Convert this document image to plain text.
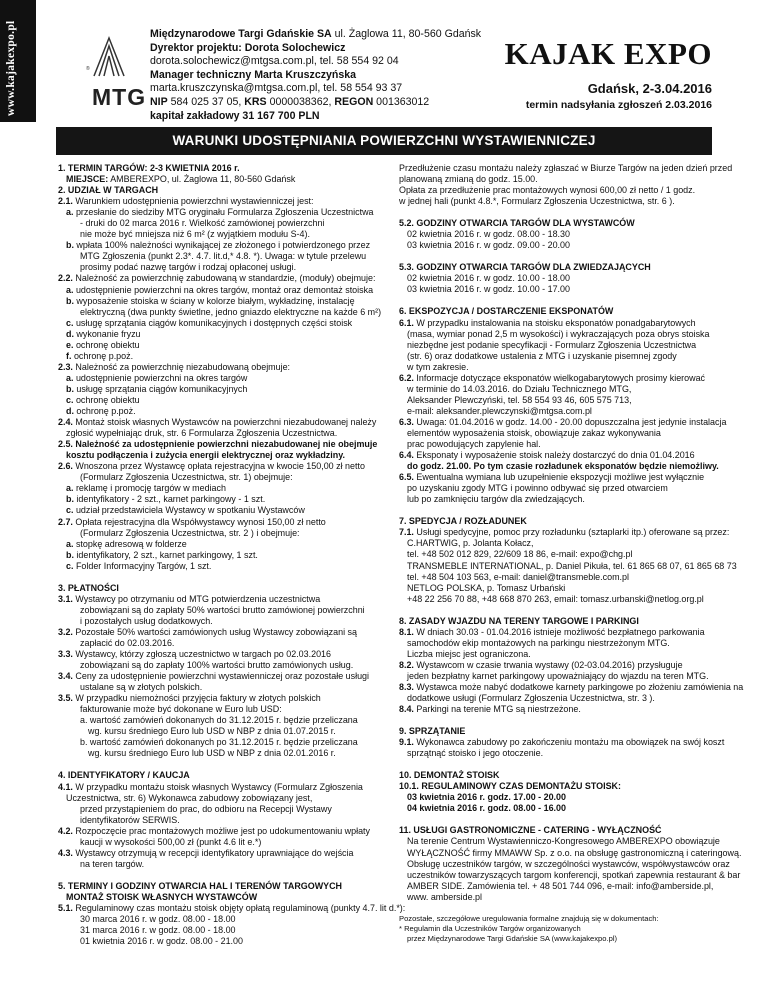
www.kajakexpo.pl	®
MTG
Międzynarodowe Targi Gdańskie SA ul. Żaglowa 11, 80-560 Gdańsk
Dyrektor projektu: Dorota Solochewicz
dorota.solochewicz@mtgsa.com.pl, tel. 58 554 92 04
Manager techniczny Marta Kruszczyńska
marta.kruszczynska@mtgsa.com.pl, tel. 58 554 93 37
NIP 584 025 37 05, KRS 0000038362, REGON 001363012
kapitał zakładowy 31 167 700 PLN
KAJAK EXPO
Gdańsk, 2-3.04.2016
termin nadsyłania zgłoszeń 2.03.2016
WARUNKI UDOSTĘPNIANIA POWIERZCHNI WYSTAWIENNICZEJ
1. TERMIN TARGÓW: 2-3 KWIETNIA 2016 r.
MIEJSCE: AMBEREXPO, ul. Żaglowa 11, 80-560 Gdańsk
2. UDZIAŁ W TARGACH
2.1. Warunkiem udostępnienia powierzchni wystawienniczej jest:
a. przesłanie do siedziby MTG oryginału Formularza Zgłoszenia Uczestnictwa
- druki do 02 marca 2016 r. Wielkość zamówionej powierzchni
nie może być mniejsza niż 6 m² (z wyjątkiem modułu S-4).
b. wpłata 100% należności wynikającej ze złożonego i potwierdzonego przez
MTG Zgłoszenia (punkt 2.3*. 4.7. lit.d,* 4.8. *). Uwaga: w tytule przelewu
prosimy podać nazwę targów i rodzaj opłaconej usługi.
2.2. Należność za powierzchnię zabudowaną w standardzie, (moduły) obejmuje:
a. udostępnienie powierzchni na okres targów, montaż oraz demontaż stoiska
b. wyposażenie stoiska w ściany w kolorze białym, wykładzinę, instalację
elektryczną (dwa punkty świetlne, jedno gniazdo elektryczne na każde 6 m²)
c. usługę sprzątania ciągów komunikacyjnych i dostępnych części stoisk
d. wykonanie fryzu
e. ochronę obiektu
f. ochronę p.poż.
2.3. Należność za powierzchnię niezabudowaną obejmuje:
a. udostępnienie powierzchni na okres targów
b. usługę sprzątania ciągów komunikacyjnych
c. ochronę obiektu
d. ochronę p.poż.
2.4. Montaż stoisk własnych Wystawców na powierzchni niezabudowanej należy
zgłosić wypełniając druk, str. 6 Formularza Zgłoszenia Uczestnictwa.
2.5. Należność za udostępnienie powierzchni niezabudowanej nie obejmuje
kosztu podłączenia i zużycia energii elektrycznej oraz wykładziny.
2.6. Wnoszona przez Wystawcę opłata rejestracyjna w kwocie 150,00 zł netto
(Formularz Zgłoszenia Uczestnictwa, str. 1) obejmuje:
a. reklamę i promocję targów w mediach
b. identyfikatory - 2 szt., karnet parkingowy - 1 szt.
c. udział przedstawiciela Wystawcy w spotkaniu Wystawców
2.7. Opłata rejestracyjna dla Współwystawcy wynosi 150,00 zł netto
(Formularz Zgłoszenia Uczestnictwa, str. 2 ) i obejmuje:
a. stopkę adresową w folderze
b. identyfikatory, 2 szt., karnet parkingowy, 1 szt.
c. Folder Informacyjny Targów, 1 szt.
3. PŁATNOŚCI
3.1. Wystawcy po otrzymaniu od MTG potwierdzenia uczestnictwa
zobowiązani są do zapłaty 50% wartości brutto zamówionej powierzchni
i pozostałych usług dodatkowych.
3.2. Pozostałe 50% wartości zamówionych usług Wystawcy zobowiązani są
zapłacić do 02.03.2016.
3.3. Wystawcy, którzy zgłoszą uczestnictwo w targach po 02.03.2016
zobowiązani są do zapłaty 100% wartości brutto zamówionych usług.
3.4. Ceny za udostępnienie powierzchni wystawienniczej oraz pozostałe usługi
ustalane są w złotych polskich.
3.5. W przypadku niemożności przyjęcia faktury w złotych polskich
fakturowanie może być dokonane w Euro lub USD:
a. wartość zamówień dokonanych do 31.12.2015 r. będzie przeliczana
wg. kursu średniego Euro lub USD w NBP z dnia 01.07.2015 r.
b. wartość zamówień dokonanych po 31.12.2015 r. będzie przeliczana
wg. kursu średniego Euro lub USD w NBP z dnia 02.01.2016 r.
4. IDENTYFIKATORY / KAUCJA
4.1. W przypadku montażu stoisk własnych Wystawcy (Formularz Zgłoszenia
Uczestnictwa, str. 6) Wykonawca zabudowy zobowiązany jest,
przed przystąpieniem do prac, do odbioru na Recepcji Wystawy
identyfikatorów SERWIS.
4.2. Rozpoczęcie prac montażowych możliwe jest po udokumentowaniu wpłaty
kaucji w wysokości 500,00 zł (punkt 4.6 lit e.*)
4.3. Wystawcy otrzymują w recepcji identyfikatory uprawniające do wejścia
na teren targów.
5. TERMINY I GODZINY OTWARCIA HAL I TERENÓW TARGOWYCH
MONTAŻ STOISK WŁASNYCH WYSTAWCÓW
5.1. Regulaminowy czas montażu stoisk objęty opłatą regulaminową (punkty 4.7. lit d.*):
30 marca 2016 r. w godz. 08.00 - 18.00
31 marca 2016 r. w godz. 08.00 - 18.00
01 kwietnia 2016 r. w godz. 08.00 - 21.00
Przedłużenie czasu montażu należy zgłaszać w Biurze Targów na jeden dzień przed
planowaną zmianą do godz. 15.00.
Opłata za przedłużenie prac montażowych wynosi 600,00 zł netto / 1 godz.
w jednej hali (punkt 4.8.*, Formularz Zgłoszenia Uczestnictwa, str. 6 ).
5.2. GODZINY OTWARCIA TARGÓW DLA WYSTAWCÓW
02 kwietnia 2016 r. w godz. 08.00 - 18.30
03 kwietnia 2016 r. w godz. 09.00 - 20.00
5.3. GODZINY OTWARCIA TARGÓW DLA ZWIEDZAJĄCYCH
02 kwietnia 2016 r. w godz. 10.00 - 18.00
03 kwietnia 2016 r. w godz. 10.00 - 17.00
6. EKSPOZYCJA / DOSTARCZENIE EKSPONATÓW
6.1. W przypadku instalowania na stoisku eksponatów ponadgabarytowych
(masa, wymiar ponad 2,5 m wysokości) i wykraczających poza obrys stoiska
niezbędne jest podanie specyfikacji - Formularz Zgłoszenia Uczestnictwa
(str. 6) oraz dodatkowe ustalenia z MTG i uzyskanie pisemnej zgody
w tym zakresie.
6.2. Informacje dotyczące eksponatów wielkogabarytowych prosimy kierować
w terminie do 14.03.2016. do Działu Technicznego MTG,
Aleksander Plewczyński, tel. 58 554 93 46, 605 575 713,
e-mail: aleksander.plewczynski@mtgsa.com.pl
6.3. Uwaga: 01.04.2016 w godz. 14.00 - 20.00 dopuszczalna jest jedynie instalacja
elementów wyposażenia stoisk, obowiązuje zakaz wykonywania
prac powodujących zapylenie hal.
6.4. Eksponaty i wyposażenie stoisk należy dostarczyć do dnia 01.04.2016
do godz. 21.00. Po tym czasie rozładunek eksponatów będzie niemożliwy.
6.5. Ewentualna wymiana lub uzupełnienie ekspozycji możliwe jest wyłącznie
po uzyskaniu zgody MTG i powinno odbywać się przed otwarciem
lub po zamknięciu targów dla zwiedzających.
7. SPEDYCJA / ROZŁADUNEK
7.1. Usługi spedycyjne, pomoc przy rozładunku (sztaplarki itp.) oferowane są przez:
C.HARTWIG, p. Jolanta Kołacz,
tel. +48 502 012 829, 22/609 18 86, e-mail: expo@chg.pl
TRANSMEBLE INTERNATIONAL, p. Daniel Pikuła, tel. 61 865 68 07, 61 865 68 73
tel. +48 504 103 563, e-mail: daniel@transmeble.com.pl
NETLOG POLSKA, p. Tomasz Urbański
+48 22 256 70 88, +48 668 870 263, email: tomasz.urbanski@netlog.org.pl
8. ZASADY WJAZDU NA TERENY TARGOWE I PARKINGI
8.1. W dniach 30.03 - 01.04.2016 istnieje możliwość bezpłatnego parkowania
samochodów ekip montażowych na parkingu niestrzeżonym MTG.
Liczba miejsc jest ograniczona.
8.2. Wystawcom w czasie trwania wystawy (02-03.04.2016) przysługuje
jeden bezpłatny karnet parkingowy upoważniający do wjazdu na teren MTG.
8.3. Wystawca może nabyć dodatkowe karnety parkingowe po złożeniu zamówienia na
dodatkowe usługi (Formularz Zgłoszenia Uczestnictwa, str. 3 ).
8.4. Parkingi na terenie MTG są niestrzeżone.
9. SPRZĄTANIE
9.1. Wykonawca zabudowy po zakończeniu montażu ma obowiązek na swój koszt
sprzątnąć stoisko i jego otoczenie.
10. DEMONTAŻ STOISK
10.1. REGULAMINOWY CZAS DEMONTAŻU STOISK:
03 kwietnia 2016 r. godz. 17.00 - 20.00
04 kwietnia 2016 r. godz. 08.00 - 16.00
11. USŁUGI GASTRONOMICZNE - CATERING - WYŁĄCZNOŚĆ
Na terenie Centrum Wystawienniczo-Kongresowego AMBEREXPO obowiązuje
WYŁĄCZNOŚĆ firmy MMAWW Sp. z o.o. na obsługę gastronomiczną i cateringową.
Obsługę uczestników targów, w szczególności wystawców, współwystawców oraz
uczestników towarzyszących targom konferencji, spotkań zapewnia restaurant & bar
AMBER SIDE. Zamówienia tel. + 48 501 744 096, e-mail: info@amberside.pl,
www. amberside.pl
Pozostałe, szczegółowe uregulowania formalne znajdują się w dokumentach:
* Regulamin dla Uczestników Targów organizowanych
przez Międzynarodowe Targi Gdańskie SA (www.kajakexpo.pl)
